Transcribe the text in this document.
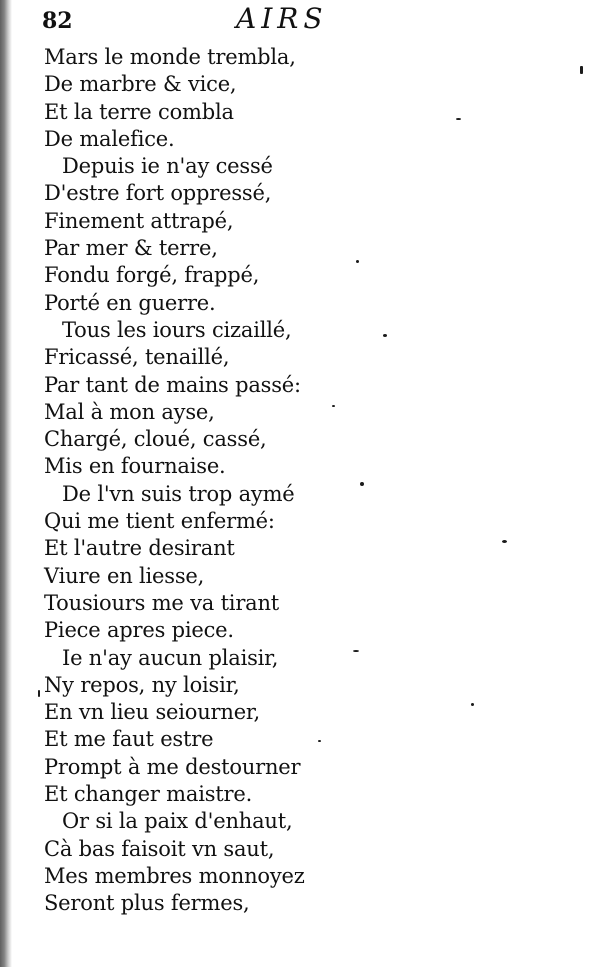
82	AIRS
Mars le monde trembla,
De marbre & vice,
Et la terre combla
De malefice.
Depuis ie n'ay cessé
D'estre fort oppressé,
Finement attrapé,
Par mer & terre,
Fondu forgé, frappé,
Porté en guerre.
Tous les iours cizaillé,
Fricassé, tenaillé,
Par tant de mains passé:
Mal à mon ayse,
Chargé, cloué, cassé,
Mis en fournaise.
De l'vn suis trop aymé
Qui me tient enfermé:
Et l'autre desirant
Viure en liesse,
Tousiours me va tirant
Piece apres piece.
Ie n'ay aucun plaisir,
Ny repos, ny loisir,
En vn lieu seiourner,
Et me faut estre
Prompt à me destourner
Et changer maistre.
Or si la paix d'enhaut,
Cà bas faisoit vn saut,
Mes membres monnoyez
Seront plus fermes,
